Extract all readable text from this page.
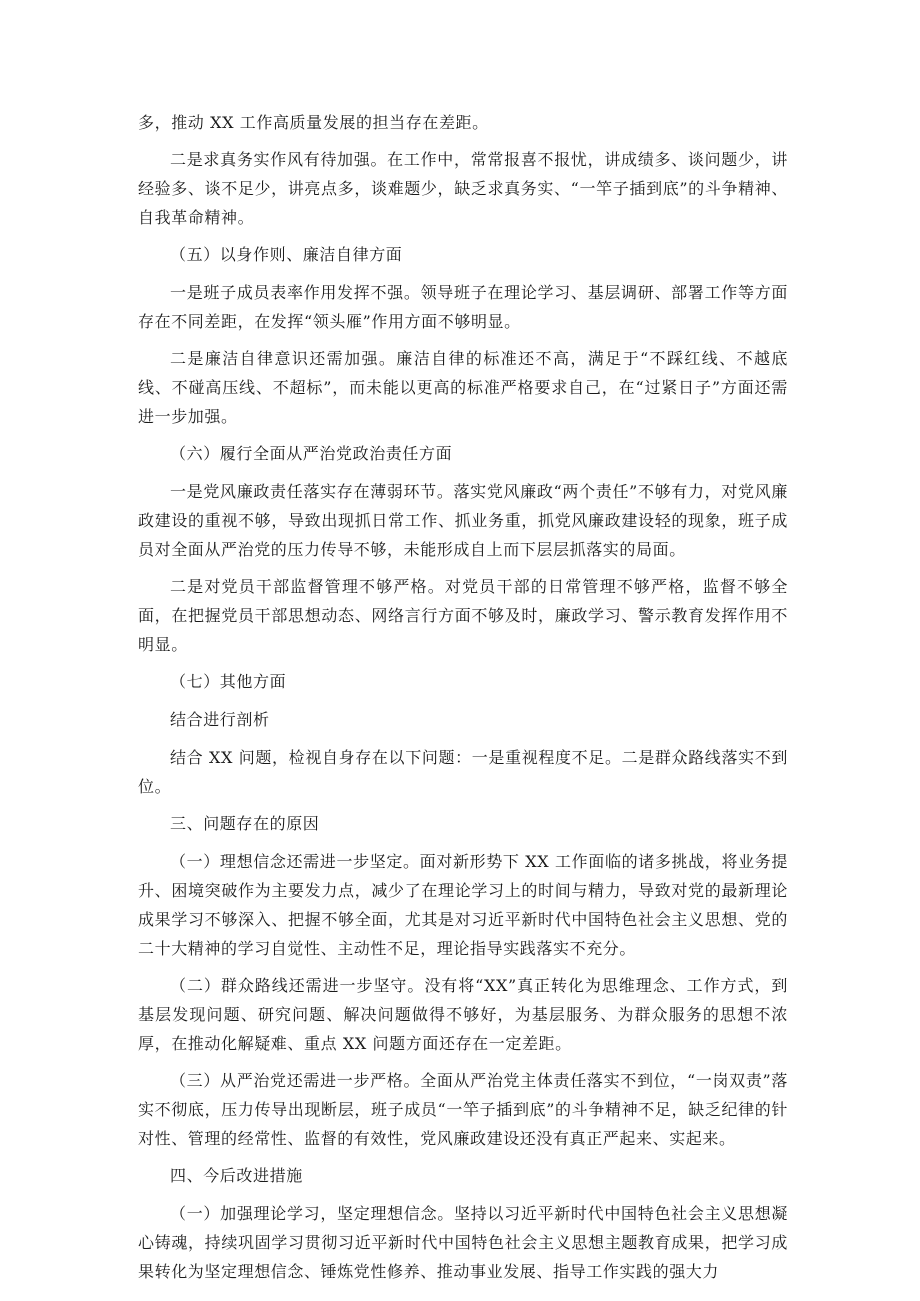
多，推动 XX 工作高质量发展的担当存在差距。

二是求真务实作风有待加强。在工作中，常常报喜不报忧，讲成绩多、谈问题少，讲经验多、谈不足少，讲亮点多，谈难题少，缺乏求真务实、“一竿子插到底”的斗争精神、自我革命精神。

（五）以身作则、廉洁自律方面

一是班子成员表率作用发挥不强。领导班子在理论学习、基层调研、部署工作等方面存在不同差距，在发挥“领头雁”作用方面不够明显。

二是廉洁自律意识还需加强。廉洁自律的标准还不高，满足于“不踩红线、不越底线、不碰高压线、不超标”，而未能以更高的标准严格要求自己，在“过紧日子”方面还需进一步加强。

（六）履行全面从严治党政治责任方面

一是党风廉政责任落实存在薄弱环节。落实党风廉政“两个责任”不够有力，对党风廉政建设的重视不够，导致出现抓日常工作、抓业务重，抓党风廉政建设轻的现象，班子成员对全面从严治党的压力传导不够，未能形成自上而下层层抓落实的局面。

二是对党员干部监督管理不够严格。对党员干部的日常管理不够严格，监督不够全面，在把握党员干部思想动态、网络言行方面不够及时，廉政学习、警示教育发挥作用不明显。

（七）其他方面

结合进行剖析

结合 XX 问题，检视自身存在以下问题：一是重视程度不足。二是群众路线落实不到位。

三、问题存在的原因

（一）理想信念还需进一步坚定。面对新形势下 XX 工作面临的诸多挑战，将业务提升、困境突破作为主要发力点，减少了在理论学习上的时间与精力，导致对党的最新理论成果学习不够深入、把握不够全面，尤其是对习近平新时代中国特色社会主义思想、党的二十大精神的学习自觉性、主动性不足，理论指导实践落实不充分。

（二）群众路线还需进一步坚守。没有将“XX”真正转化为思维理念、工作方式，到基层发现问题、研究问题、解决问题做得不够好，为基层服务、为群众服务的思想不浓厚，在推动化解疑难、重点 XX 问题方面还存在一定差距。

（三）从严治党还需进一步严格。全面从严治党主体责任落实不到位，“一岗双责”落实不彻底，压力传导出现断层，班子成员“一竿子插到底”的斗争精神不足，缺乏纪律的针对性、管理的经常性、监督的有效性，党风廉政建设还没有真正严起来、实起来。

四、今后改进措施

（一）加强理论学习，坚定理想信念。坚持以习近平新时代中国特色社会主义思想凝心铸魂，持续巩固学习贯彻习近平新时代中国特色社会主义思想主题教育成果，把学习成果转化为坚定理想信念、锤炼党性修养、推动事业发展、指导工作实践的强大力
